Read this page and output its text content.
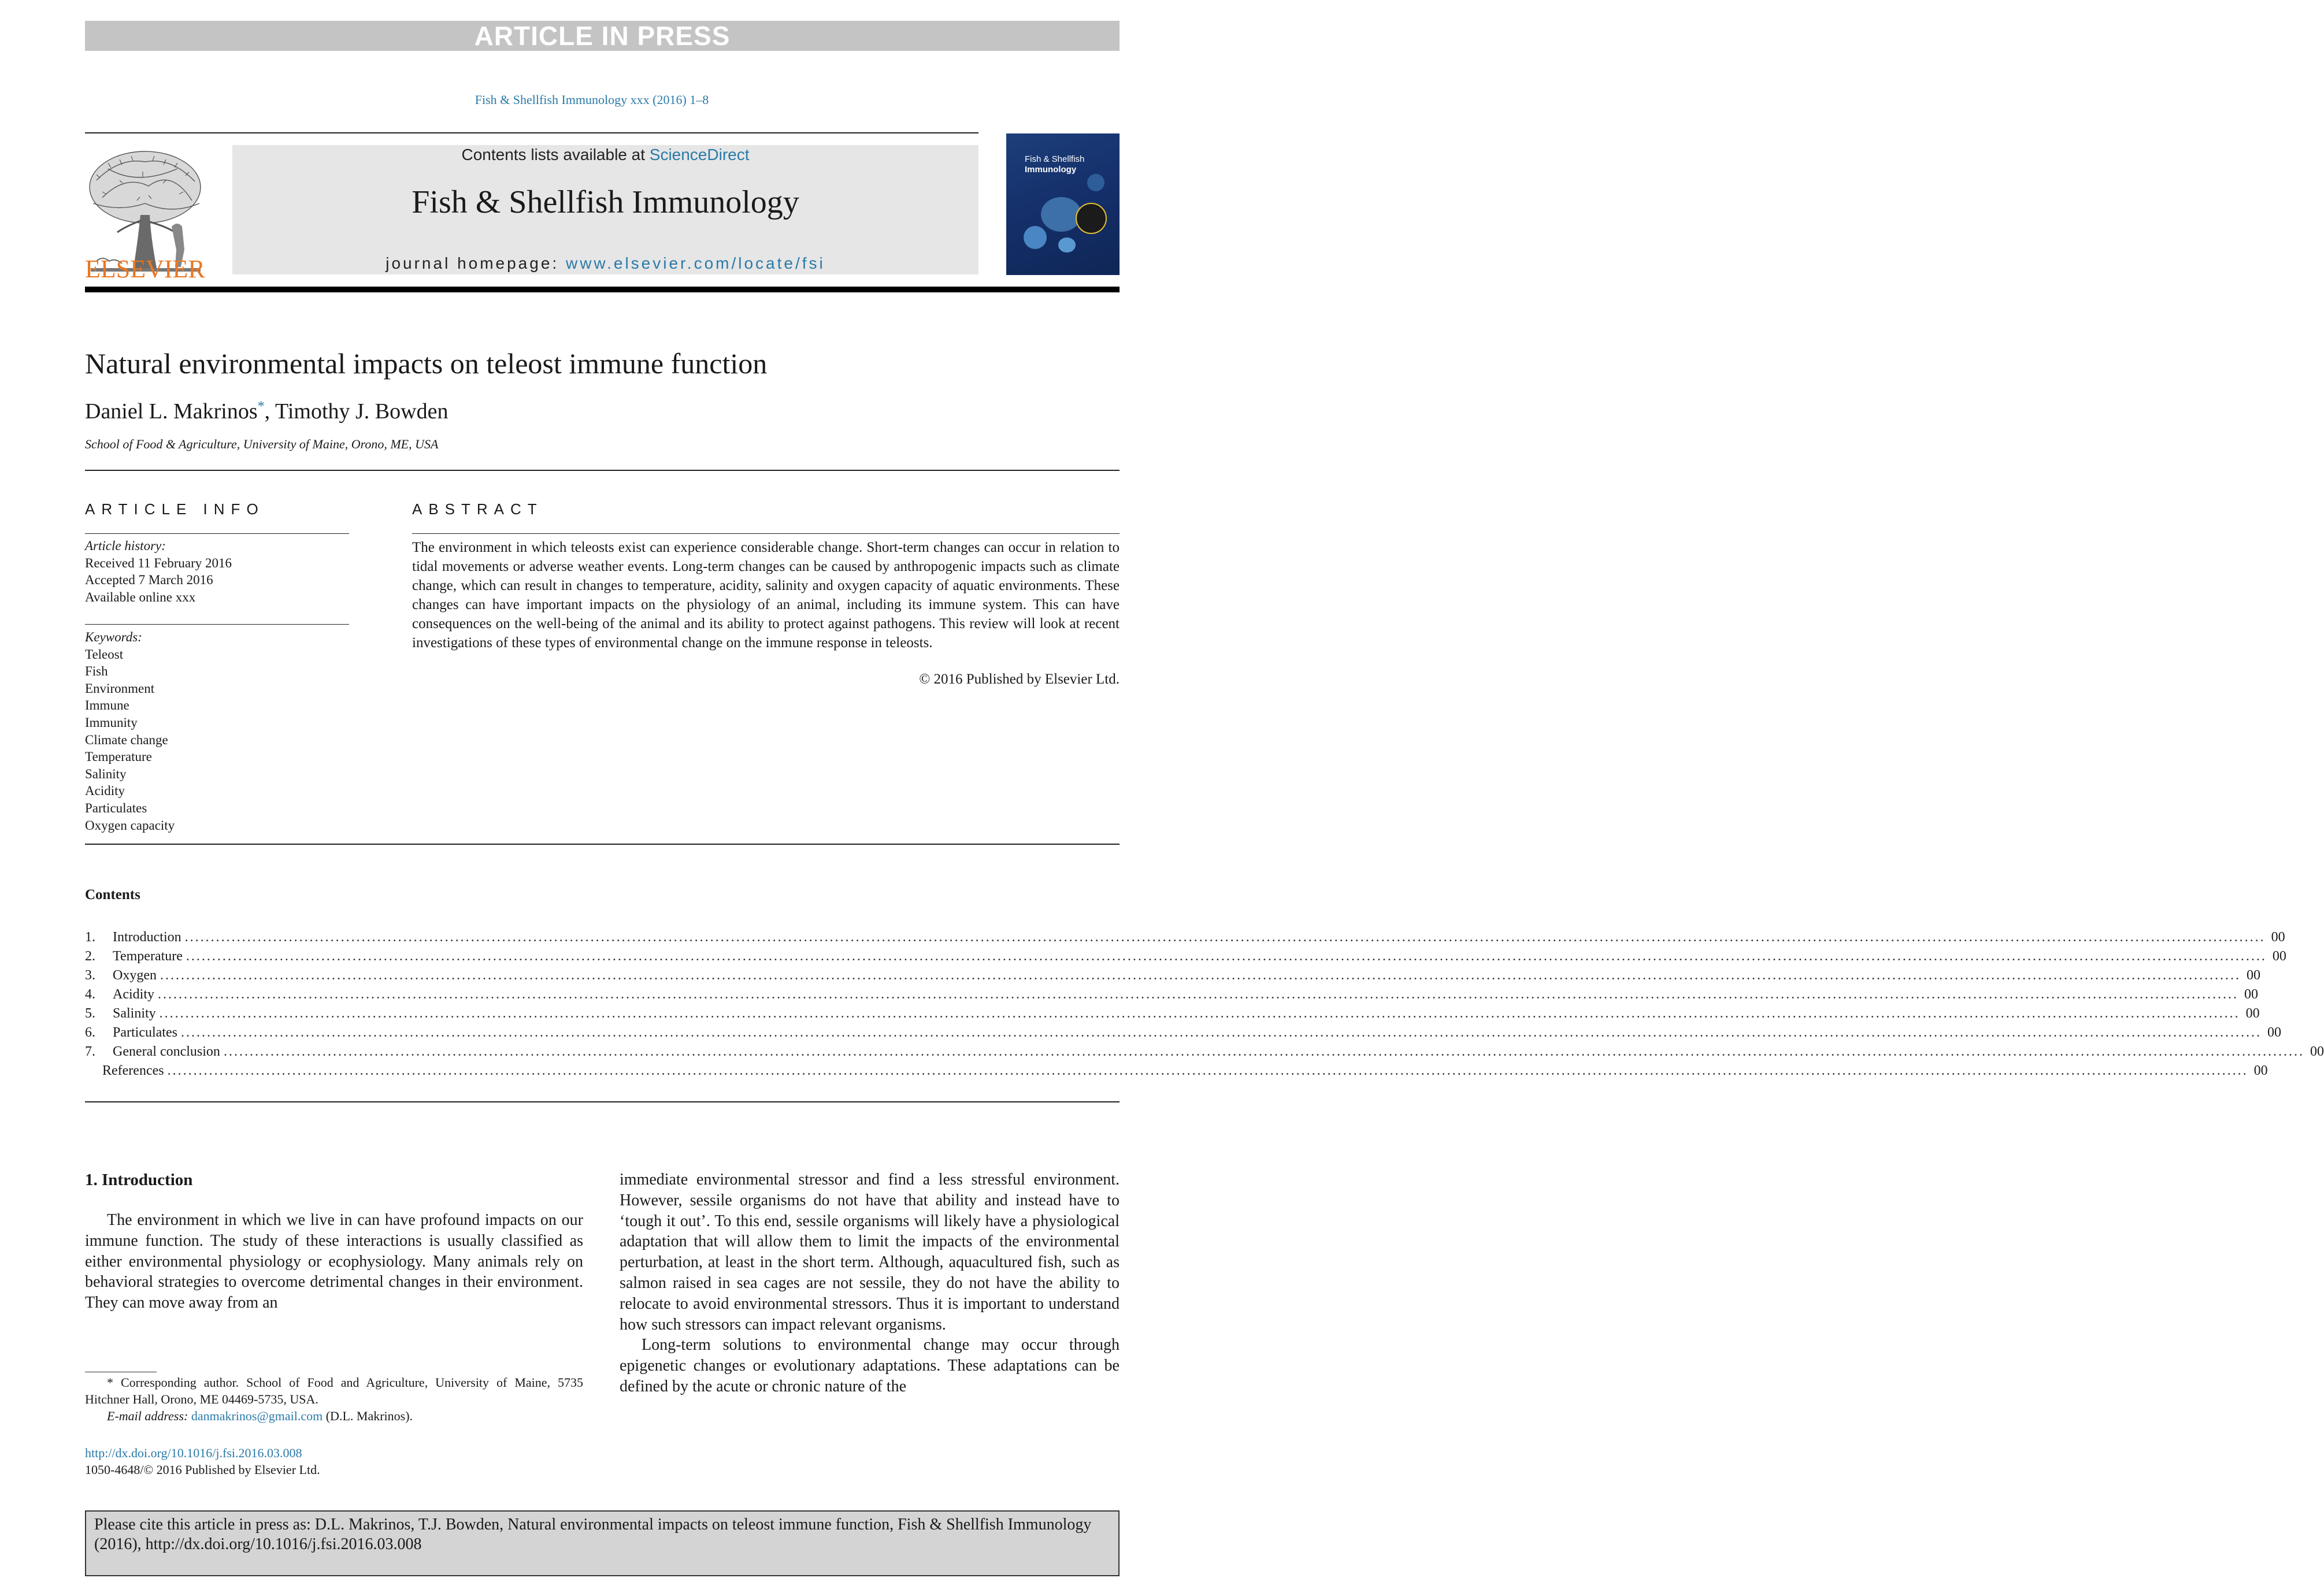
ARTICLE IN PRESS
Fish & Shellfish Immunology xxx (2016) 1–8
ELSEVIER
Contents lists available at ScienceDirect
Fish & Shellfish Immunology
journal homepage: www.elsevier.com/locate/fsi
Fish & Shellfish
Immunology
Natural environmental impacts on teleost immune function
Daniel L. Makrinos*, Timothy J. Bowden
School of Food & Agriculture, University of Maine, Orono, ME, USA
ARTICLE INFO
Article history:
Received 11 February 2016
Accepted 7 March 2016
Available online xxx
Keywords:
Teleost
Fish
Environment
Immune
Immunity
Climate change
Temperature
Salinity
Acidity
Particulates
Oxygen capacity
ABSTRACT
The environment in which teleosts exist can experience considerable change. Short-term changes can occur in relation to tidal movements or adverse weather events. Long-term changes can be caused by anthropogenic impacts such as climate change, which can result in changes to temperature, acidity, salinity and oxygen capacity of aquatic environments. These changes can have important impacts on the physiology of an animal, including its immune system. This can have consequences on the well-being of the animal and its ability to protect against pathogens. This review will look at recent investigations of these types of environmental change on the immune response in teleosts.
© 2016 Published by Elsevier Ltd.
Contents
1.	Introduction ................................................................................................................................................................................................................................................................................................................................................................................................................ 00
2.	Temperature ................................................................................................................................................................................................................................................................................................................................................................................................................ 00
3.	Oxygen ................................................................................................................................................................................................................................................................................................................................................................................................................ 00
4.	Acidity ................................................................................................................................................................................................................................................................................................................................................................................................................ 00
5.	Salinity ................................................................................................................................................................................................................................................................................................................................................................................................................ 00
6.	Particulates ................................................................................................................................................................................................................................................................................................................................................................................................................ 00
7.	General conclusion ................................................................................................................................................................................................................................................................................................................................................................................................................ 00
References ................................................................................................................................................................................................................................................................................................................................................................................................................ 00
1. Introduction
The environment in which we live in can have profound impacts on our immune function. The study of these interactions is usually classified as either environmental physiology or ecophysiology. Many animals rely on behavioral strategies to overcome detrimental changes in their environment. They can move away from an
immediate environmental stressor and find a less stressful environment. However, sessile organisms do not have that ability and instead have to ‘tough it out’. To this end, sessile organisms will likely have a physiological adaptation that will allow them to limit the impacts of the environmental perturbation, at least in the short term. Although, aquacultured fish, such as salmon raised in sea cages are not sessile, they do not have the ability to relocate to avoid environmental stressors. Thus it is important to understand how such stressors can impact relevant organisms.
Long-term solutions to environmental change may occur through epigenetic changes or evolutionary adaptations. These adaptations can be defined by the acute or chronic nature of the
* Corresponding author. School of Food and Agriculture, University of Maine, 5735 Hitchner Hall, Orono, ME 04469-5735, USA.
E-mail address: danmakrinos@gmail.com (D.L. Makrinos).
http://dx.doi.org/10.1016/j.fsi.2016.03.008
1050-4648/© 2016 Published by Elsevier Ltd.
Please cite this article in press as: D.L. Makrinos, T.J. Bowden, Natural environmental impacts on teleost immune function, Fish & Shellfish Immunology (2016), http://dx.doi.org/10.1016/j.fsi.2016.03.008
